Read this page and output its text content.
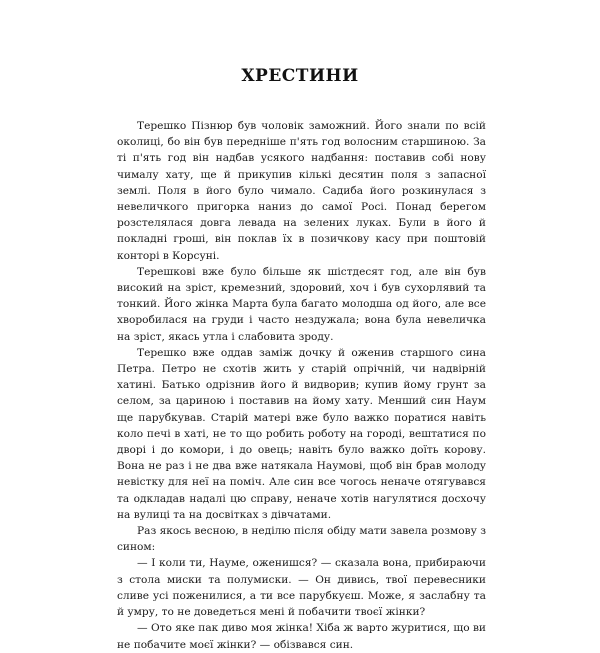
ХРЕСТИНИ

Терешко Пізнюр був чоловік заможний. Його знали по всій околиці, бо він був передніше п'ять год волосним старшиною. За ті п'ять год він надбав усякого надбання: поставив собі нову чималу хату, ще й прикупив кількі десятин поля з запасної землі. Поля в його було чимало. Садиба його розкинулася з невеличкого пригорка наниз до самої Росі. Понад берегом розстелялася довга левада на зелених луках. Були в його й покладні гроші, він поклав їх в позичкову касу при поштовій конторі в Корсуні.

Терешкові вже було більше як шістдесят год, але він був високий на зріст, кремезний, здоровий, хоч і був сухорлявий та тонкий. Його жінка Марта була багато молодша од його, але все хворобилася на груди і часто нездужала; вона була невеличка на зріст, якась утла і слабовита зроду.

Терешко вже оддав заміж дочку й оженив старшого сина Петра. Петро не схотів жить у старій опрічній, чи надвірній хатині. Батько одрізнив його й видворив; купив йому грунт за селом, за цариною і поставив на йому хату. Менший син Наум ще парубкував. Старій матері вже було важко поратися навіть коло печі в хаті, не то що робить роботу на городі, вештатися по дворі і до комори, і до овець; навіть було важко доїть корову. Вона не раз і не два вже натякала Наумові, щоб він брав молоду невістку для неї на поміч. Але син все чогось неначе отягувався та одкладав надалі цю справу, неначе хотів нагулятися досхочу на вулиці та на досвітках з дівчатами.

Раз якось весною, в неділю після обіду мати завела розмову з сином:

— І коли ти, Науме, оженишся? — сказала вона, прибираючи з стола миски та полумиски. — Он дивись, твої перевесники сливе усі поженилися, а ти все парубкуєш. Може, я заслабну та й умру, то не доведеться мені й побачити твоєї жінки?

— Ото яке пак диво моя жінка! Хіба ж варто журитися, що ви не побачите моєї жінки? — обізвався син.
